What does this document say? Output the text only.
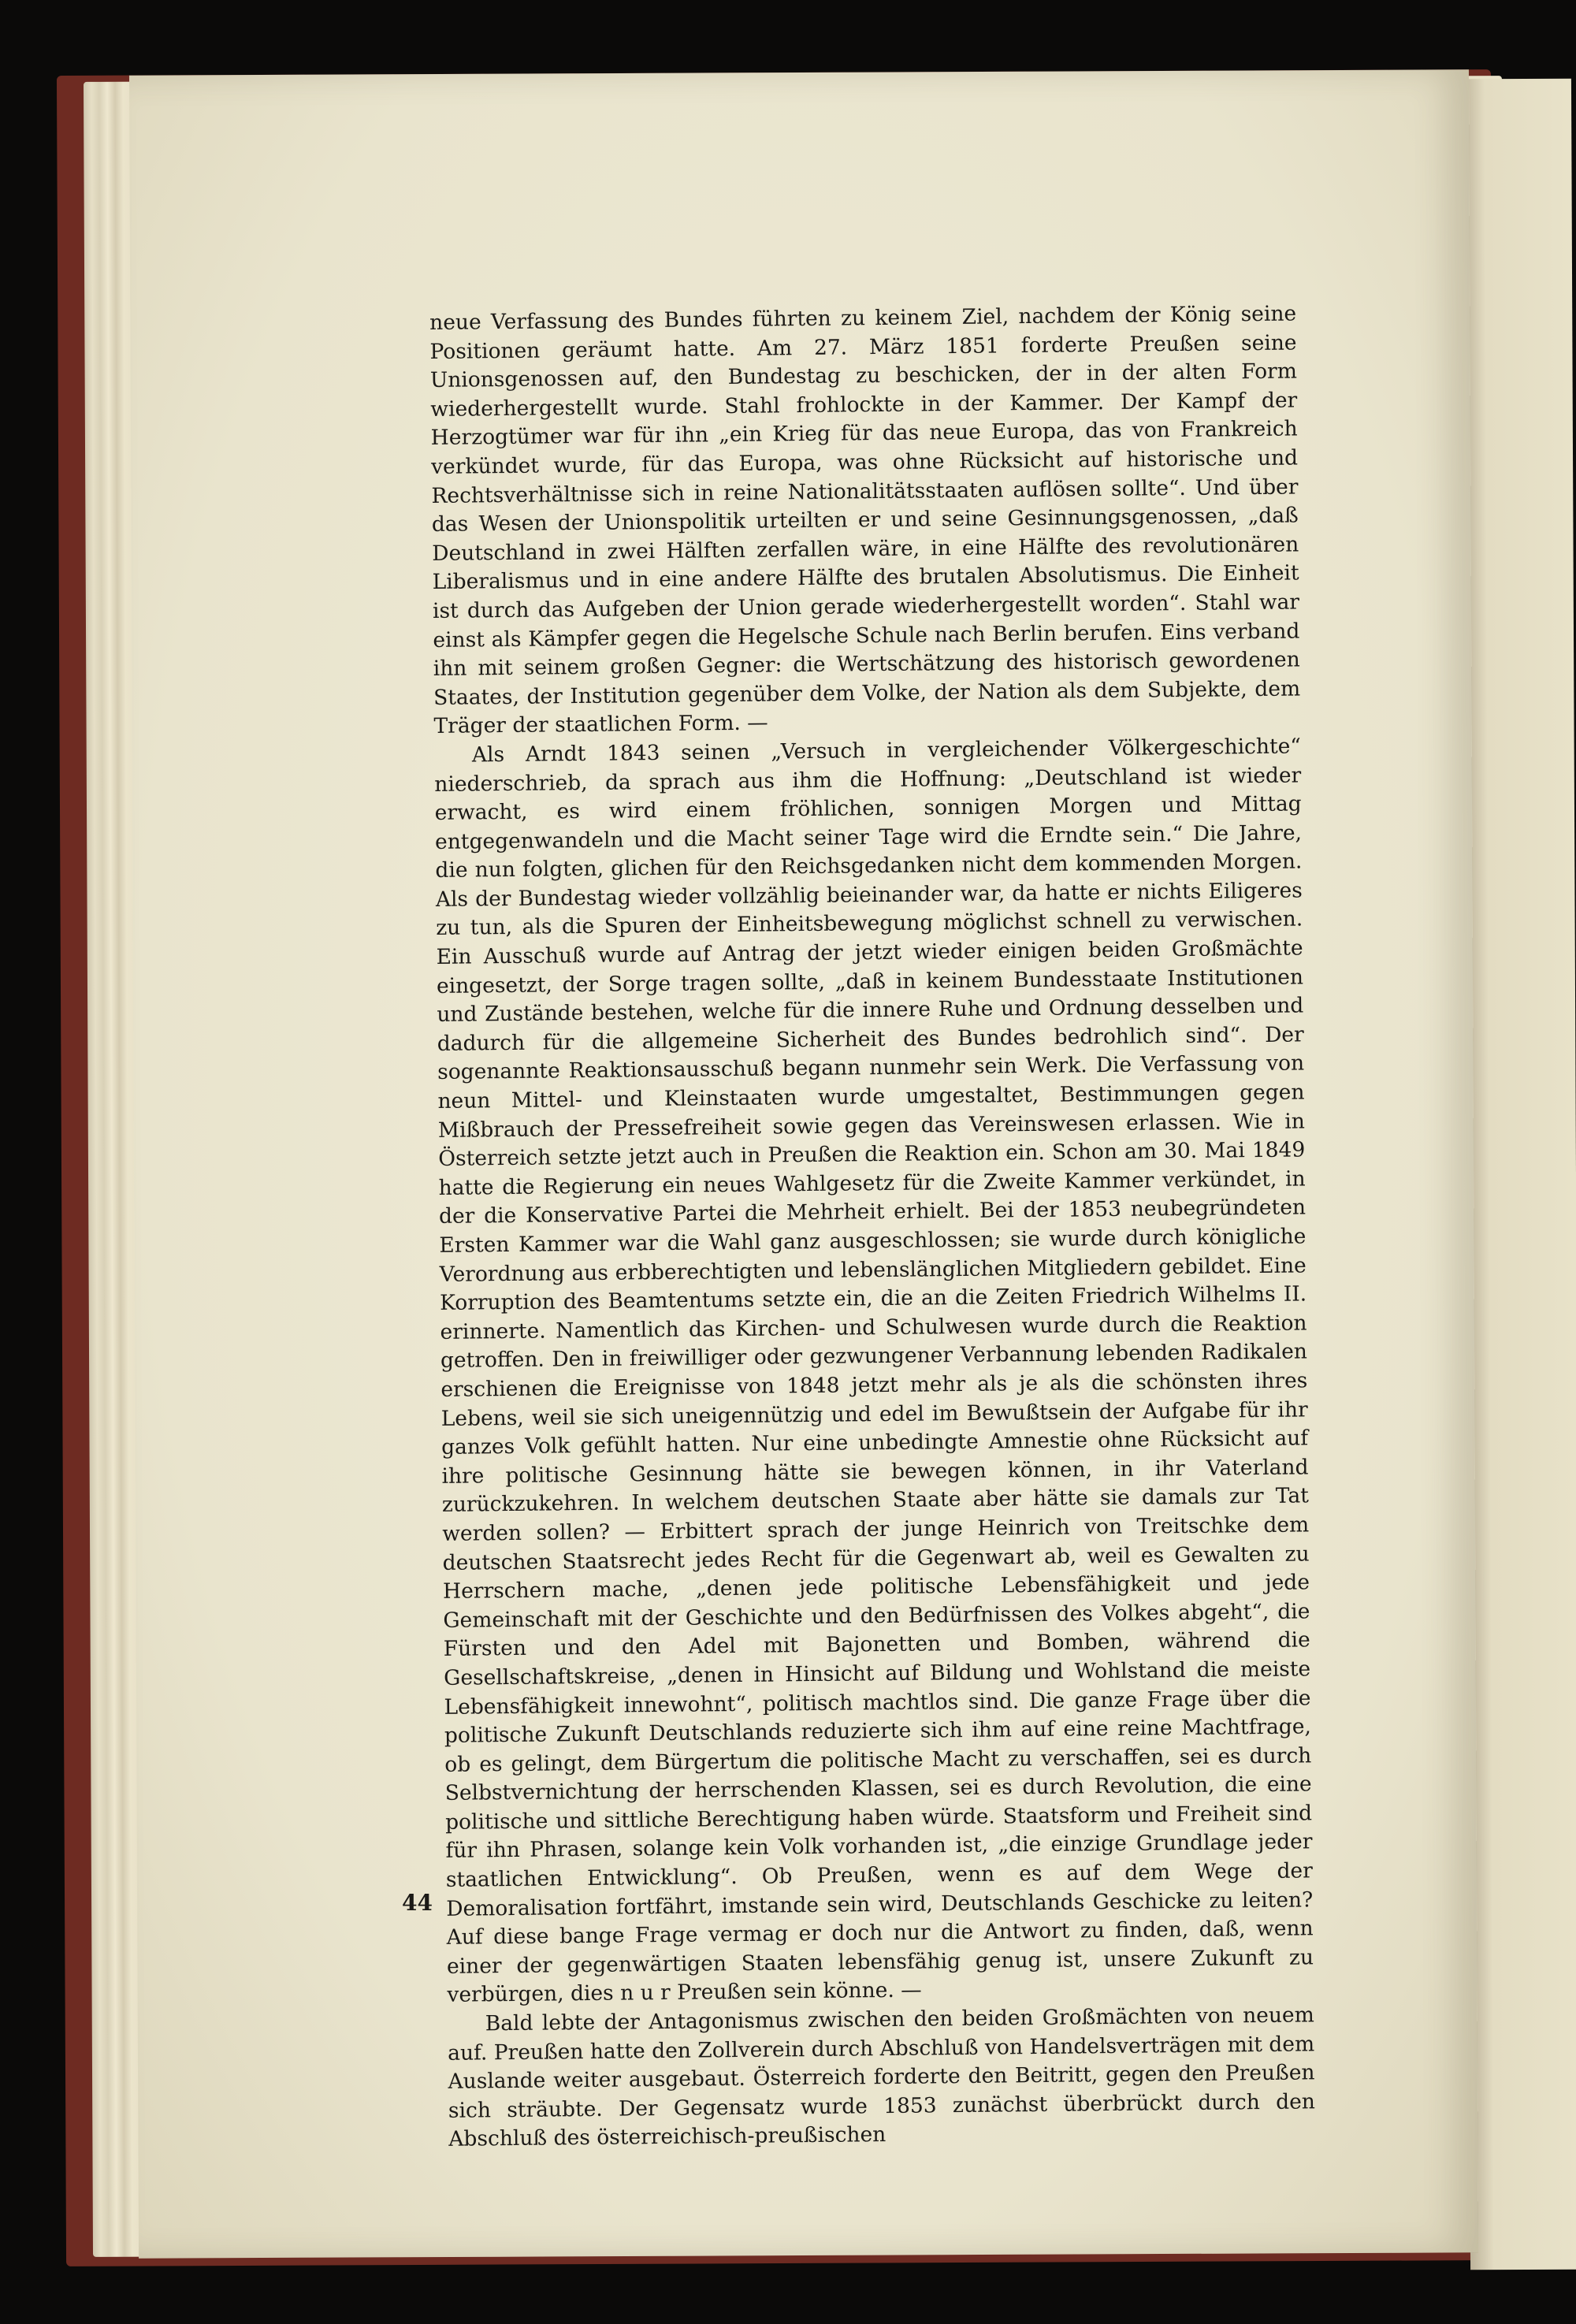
neue Verfassung des Bundes führten zu keinem Ziel, nachdem der König seine Positionen geräumt hatte. Am 27. März 1851 forderte Preußen seine Unionsgenossen auf, den Bundestag zu beschicken, der in der alten Form wiederhergestellt wurde. Stahl frohlockte in der Kammer. Der Kampf der Herzogtümer war für ihn „ein Krieg für das neue Europa, das von Frankreich verkündet wurde, für das Europa, was ohne Rücksicht auf historische und Rechtsverhältnisse sich in reine Nationalitätsstaaten auflösen sollte“. Und über das Wesen der Unionspolitik urteilten er und seine Gesinnungsgenossen, „daß Deutschland in zwei Hälften zerfallen wäre, in eine Hälfte des revolutionären Liberalismus und in eine andere Hälfte des brutalen Absolutismus. Die Einheit ist durch das Aufgeben der Union gerade wiederhergestellt worden“. Stahl war einst als Kämpfer gegen die Hegelsche Schule nach Berlin berufen. Eins verband ihn mit seinem großen Gegner: die Wertschätzung des historisch gewordenen Staates, der Institution gegenüber dem Volke, der Nation als dem Subjekte, dem Träger der staatlichen Form. —

Als Arndt 1843 seinen „Versuch in vergleichender Völkergeschichte“ niederschrieb, da sprach aus ihm die Hoffnung: „Deutschland ist wieder erwacht, es wird einem fröhlichen, sonnigen Morgen und Mittag entgegenwandeln und die Macht seiner Tage wird die Erndte sein.“ Die Jahre, die nun folgten, glichen für den Reichsgedanken nicht dem kommenden Morgen. Als der Bundestag wieder vollzählig beieinander war, da hatte er nichts Eiligeres zu tun, als die Spuren der Einheitsbewegung möglichst schnell zu verwischen. Ein Ausschuß wurde auf Antrag der jetzt wieder einigen beiden Großmächte eingesetzt, der Sorge tragen sollte, „daß in keinem Bundesstaate Institutionen und Zustände bestehen, welche für die innere Ruhe und Ordnung desselben und dadurch für die allgemeine Sicherheit des Bundes bedrohlich sind“. Der sogenannte Reaktionsausschuß begann nunmehr sein Werk. Die Verfassung von neun Mittel- und Kleinstaaten wurde umgestaltet, Bestimmungen gegen Mißbrauch der Pressefreiheit sowie gegen das Vereinswesen erlassen. Wie in Österreich setzte jetzt auch in Preußen die Reaktion ein. Schon am 30. Mai 1849 hatte die Regierung ein neues Wahlgesetz für die Zweite Kammer verkündet, in der die Konservative Partei die Mehrheit erhielt. Bei der 1853 neubegründeten Ersten Kammer war die Wahl ganz ausgeschlossen; sie wurde durch königliche Verordnung aus erbberechtigten und lebenslänglichen Mitgliedern gebildet. Eine Korruption des Beamtentums setzte ein, die an die Zeiten Friedrich Wilhelms II. erinnerte. Namentlich das Kirchen- und Schulwesen wurde durch die Reaktion getroffen. Den in freiwilliger oder gezwungener Verbannung lebenden Radikalen erschienen die Ereignisse von 1848 jetzt mehr als je als die schönsten ihres Lebens, weil sie sich uneigennützig und edel im Bewußtsein der Aufgabe für ihr ganzes Volk gefühlt hatten. Nur eine unbedingte Amnestie ohne Rücksicht auf ihre politische Gesinnung hätte sie bewegen können, in ihr Vaterland zurückzukehren. In welchem deutschen Staate aber hätte sie damals zur Tat werden sollen? — Erbittert sprach der junge Heinrich von Treitschke dem deutschen Staatsrecht jedes Recht für die Gegenwart ab, weil es Gewalten zu Herrschern mache, „denen jede politische Lebensfähigkeit und jede Gemeinschaft mit der Geschichte und den Bedürfnissen des Volkes abgeht“, die Fürsten und den Adel mit Bajonetten und Bomben, während die Gesellschaftskreise, „denen in Hinsicht auf Bildung und Wohlstand die meiste Lebensfähigkeit innewohnt“, politisch machtlos sind. Die ganze Frage über die politische Zukunft Deutschlands reduzierte sich ihm auf eine reine Machtfrage, ob es gelingt, dem Bürgertum die politische Macht zu verschaffen, sei es durch Selbstvernichtung der herrschenden Klassen, sei es durch Revolution, die eine politische und sittliche Berechtigung haben würde. Staatsform und Freiheit sind für ihn Phrasen, solange kein Volk vorhanden ist, „die einzige Grundlage jeder staatlichen Entwicklung“. Ob Preußen, wenn es auf dem Wege der Demoralisation fortfährt, imstande sein wird, Deutschlands Geschicke zu leiten? Auf diese bange Frage vermag er doch nur die Antwort zu finden, daß, wenn einer der gegenwärtigen Staaten lebensfähig genug ist, unsere Zukunft zu verbürgen, dies n u r Preußen sein könne. —

Bald lebte der Antagonismus zwischen den beiden Großmächten von neuem auf. Preußen hatte den Zollverein durch Abschluß von Handelsverträgen mit dem Auslande weiter ausgebaut. Österreich forderte den Beitritt, gegen den Preußen sich sträubte. Der Gegensatz wurde 1853 zunächst überbrückt durch den Abschluß des österreichisch-preußischen

44
